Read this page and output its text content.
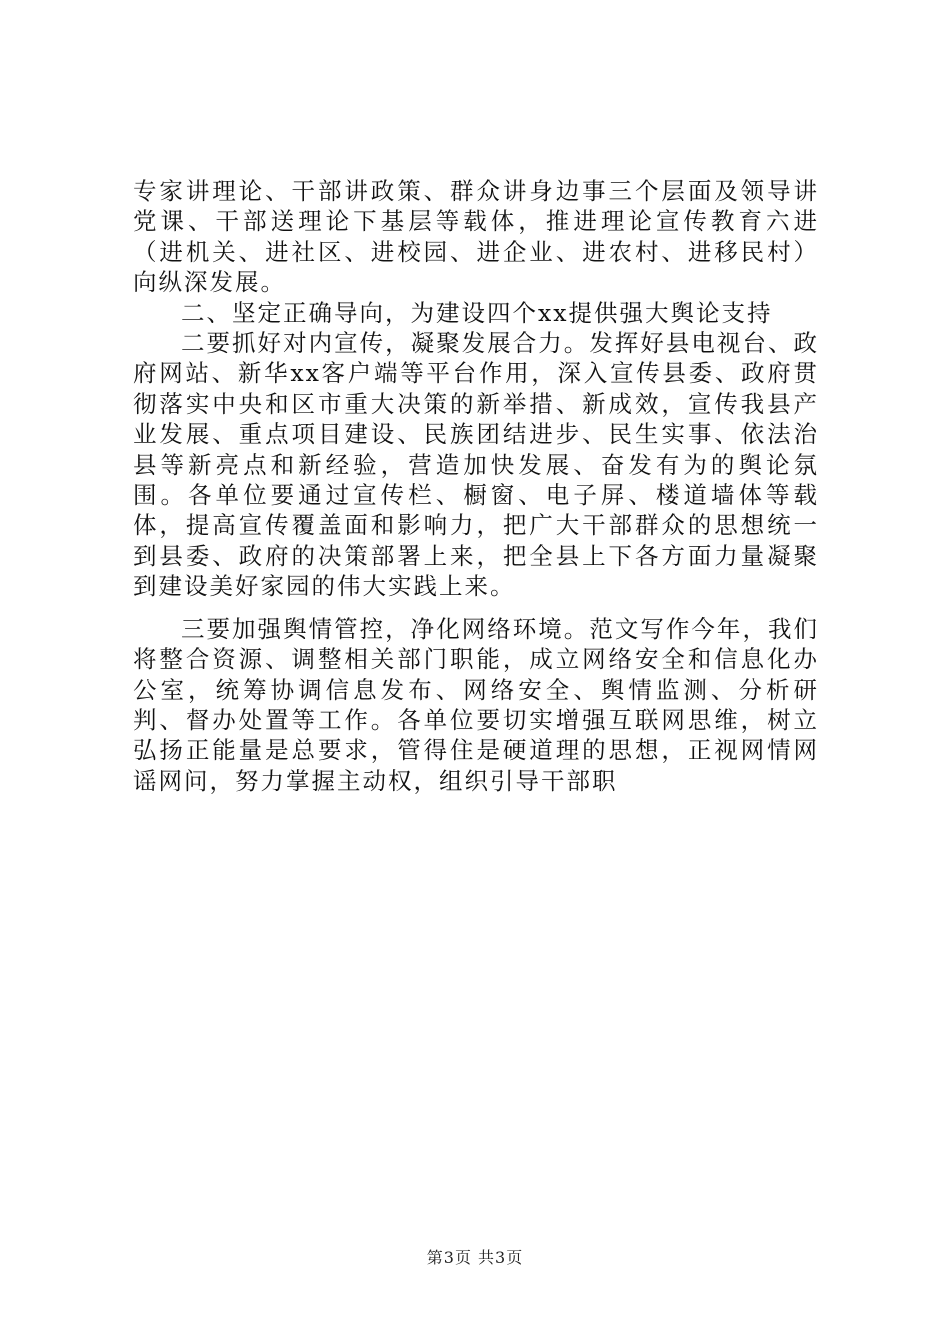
专家讲理论、干部讲政策、群众讲身边事三个层面及领导讲党课、干部送理论下基层等载体，推进理论宣传教育六进（进机关、进社区、进校园、进企业、进农村、进移民村）向纵深发展。

二、坚定正确导向，为建设四个xx提供强大舆论支持

二要抓好对内宣传，凝聚发展合力。发挥好县电视台、政府网站、新华xx客户端等平台作用，深入宣传县委、政府贯彻落实中央和区市重大决策的新举措、新成效，宣传我县产业发展、重点项目建设、民族团结进步、民生实事、依法治县等新亮点和新经验，营造加快发展、奋发有为的舆论氛围。各单位要通过宣传栏、橱窗、电子屏、楼道墙体等载体，提高宣传覆盖面和影响力，把广大干部群众的思想统一到县委、政府的决策部署上来，把全县上下各方面力量凝聚到建设美好家园的伟大实践上来。

三要加强舆情管控，净化网络环境。范文写作今年，我们将整合资源、调整相关部门职能，成立网络安全和信息化办公室，统筹协调信息发布、网络安全、舆情监测、分析研判、督办处置等工作。各单位要切实增强互联网思维，树立弘扬正能量是总要求，管得住是硬道理的思想，正视网情网谣网问，努力掌握主动权，组织引导干部职

第3页 共3页
